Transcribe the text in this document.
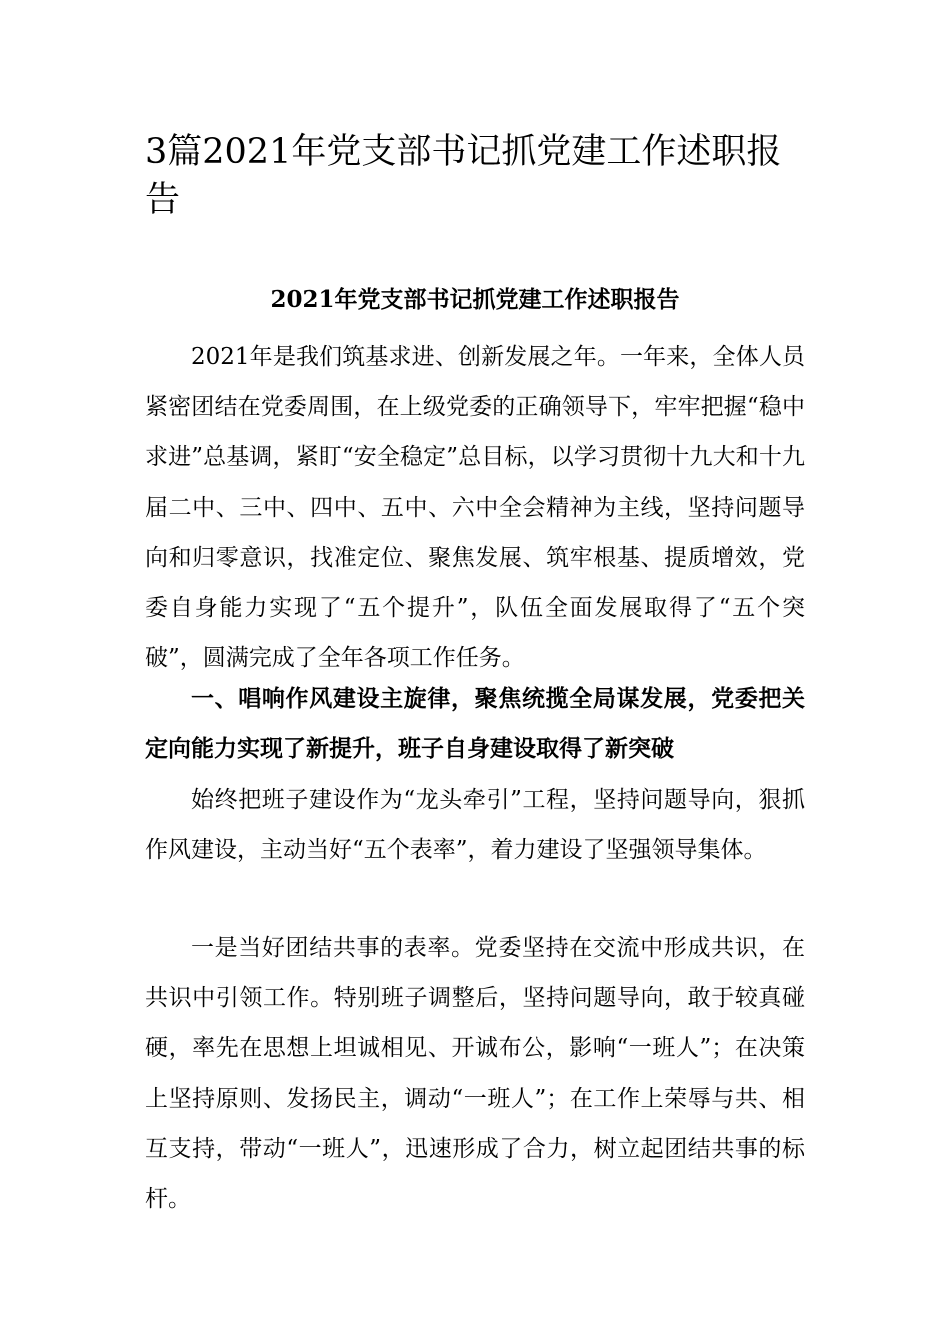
3篇2021年党支部书记抓党建工作述职报告
2021年党支部书记抓党建工作述职报告

2021年是我们筑基求进、创新发展之年。一年来，全体人员紧密团结在党委周围，在上级党委的正确领导下，牢牢把握“稳中求进”总基调，紧盯“安全稳定”总目标，以学习贯彻十九大和十九届二中、三中、四中、五中、六中全会精神为主线，坚持问题导向和归零意识，找准定位、聚焦发展、筑牢根基、提质增效，党委自身能力实现了“五个提升”，队伍全面发展取得了“五个突破”，圆满完成了全年各项工作任务。

一、唱响作风建设主旋律，聚焦统揽全局谋发展，党委把关定向能力实现了新提升，班子自身建设取得了新突破

始终把班子建设作为“龙头牵引”工程，坚持问题导向，狠抓作风建设，主动当好“五个表率”，着力建设了坚强领导集体。

一是当好团结共事的表率。党委坚持在交流中形成共识，在共识中引领工作。特别班子调整后，坚持问题导向，敢于较真碰硬，率先在思想上坦诚相见、开诚布公，影响“一班人”；在决策上坚持原则、发扬民主，调动“一班人”；在工作上荣辱与共、相互支持，带动“一班人”，迅速形成了合力，树立起团结共事的标杆。
